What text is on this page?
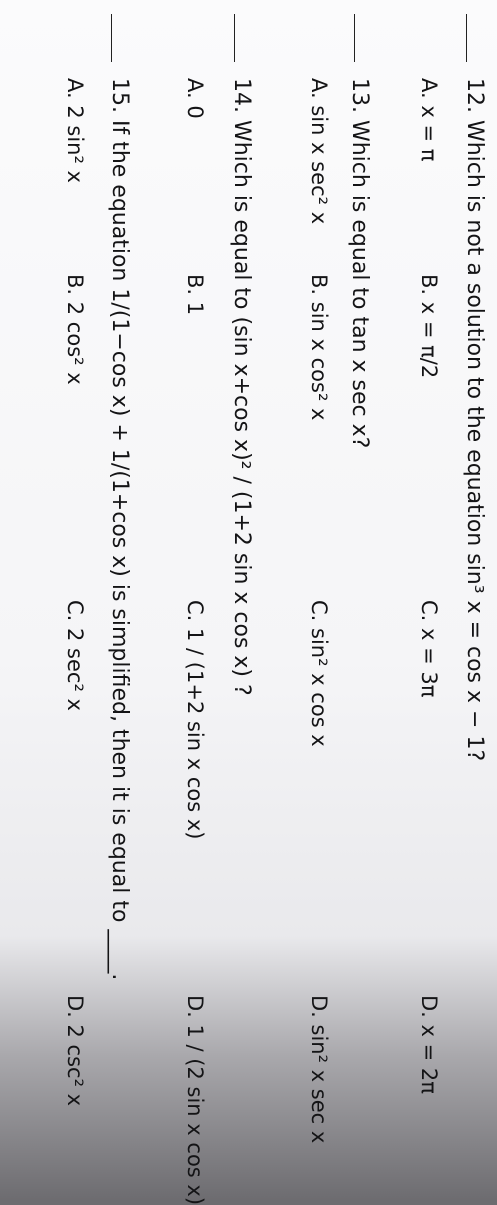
12. Which is not a solution to the equation sin³ x = cos x − 1?
A. x = π
B. x = π/2
C. x = 3π
D. x = 2π
13. Which is equal to tan x sec x?
A. sin x sec² x
B. sin x cos² x
C. sin² x cos x
D. sin² x sec x
14. Which is equal to (sin x+cos x)² / (1+2 sin x cos x) ?
A. 0
B. 1
C. 1 / (1+2 sin x cos x)
D. 1 / (2 sin x cos x)
15. If the equation 1/(1−cos x) + 1/(1+cos x) is simplified, then it is equal to ____.
A. 2 sin² x
B. 2 cos² x
C. 2 sec² x
D. 2 csc² x
